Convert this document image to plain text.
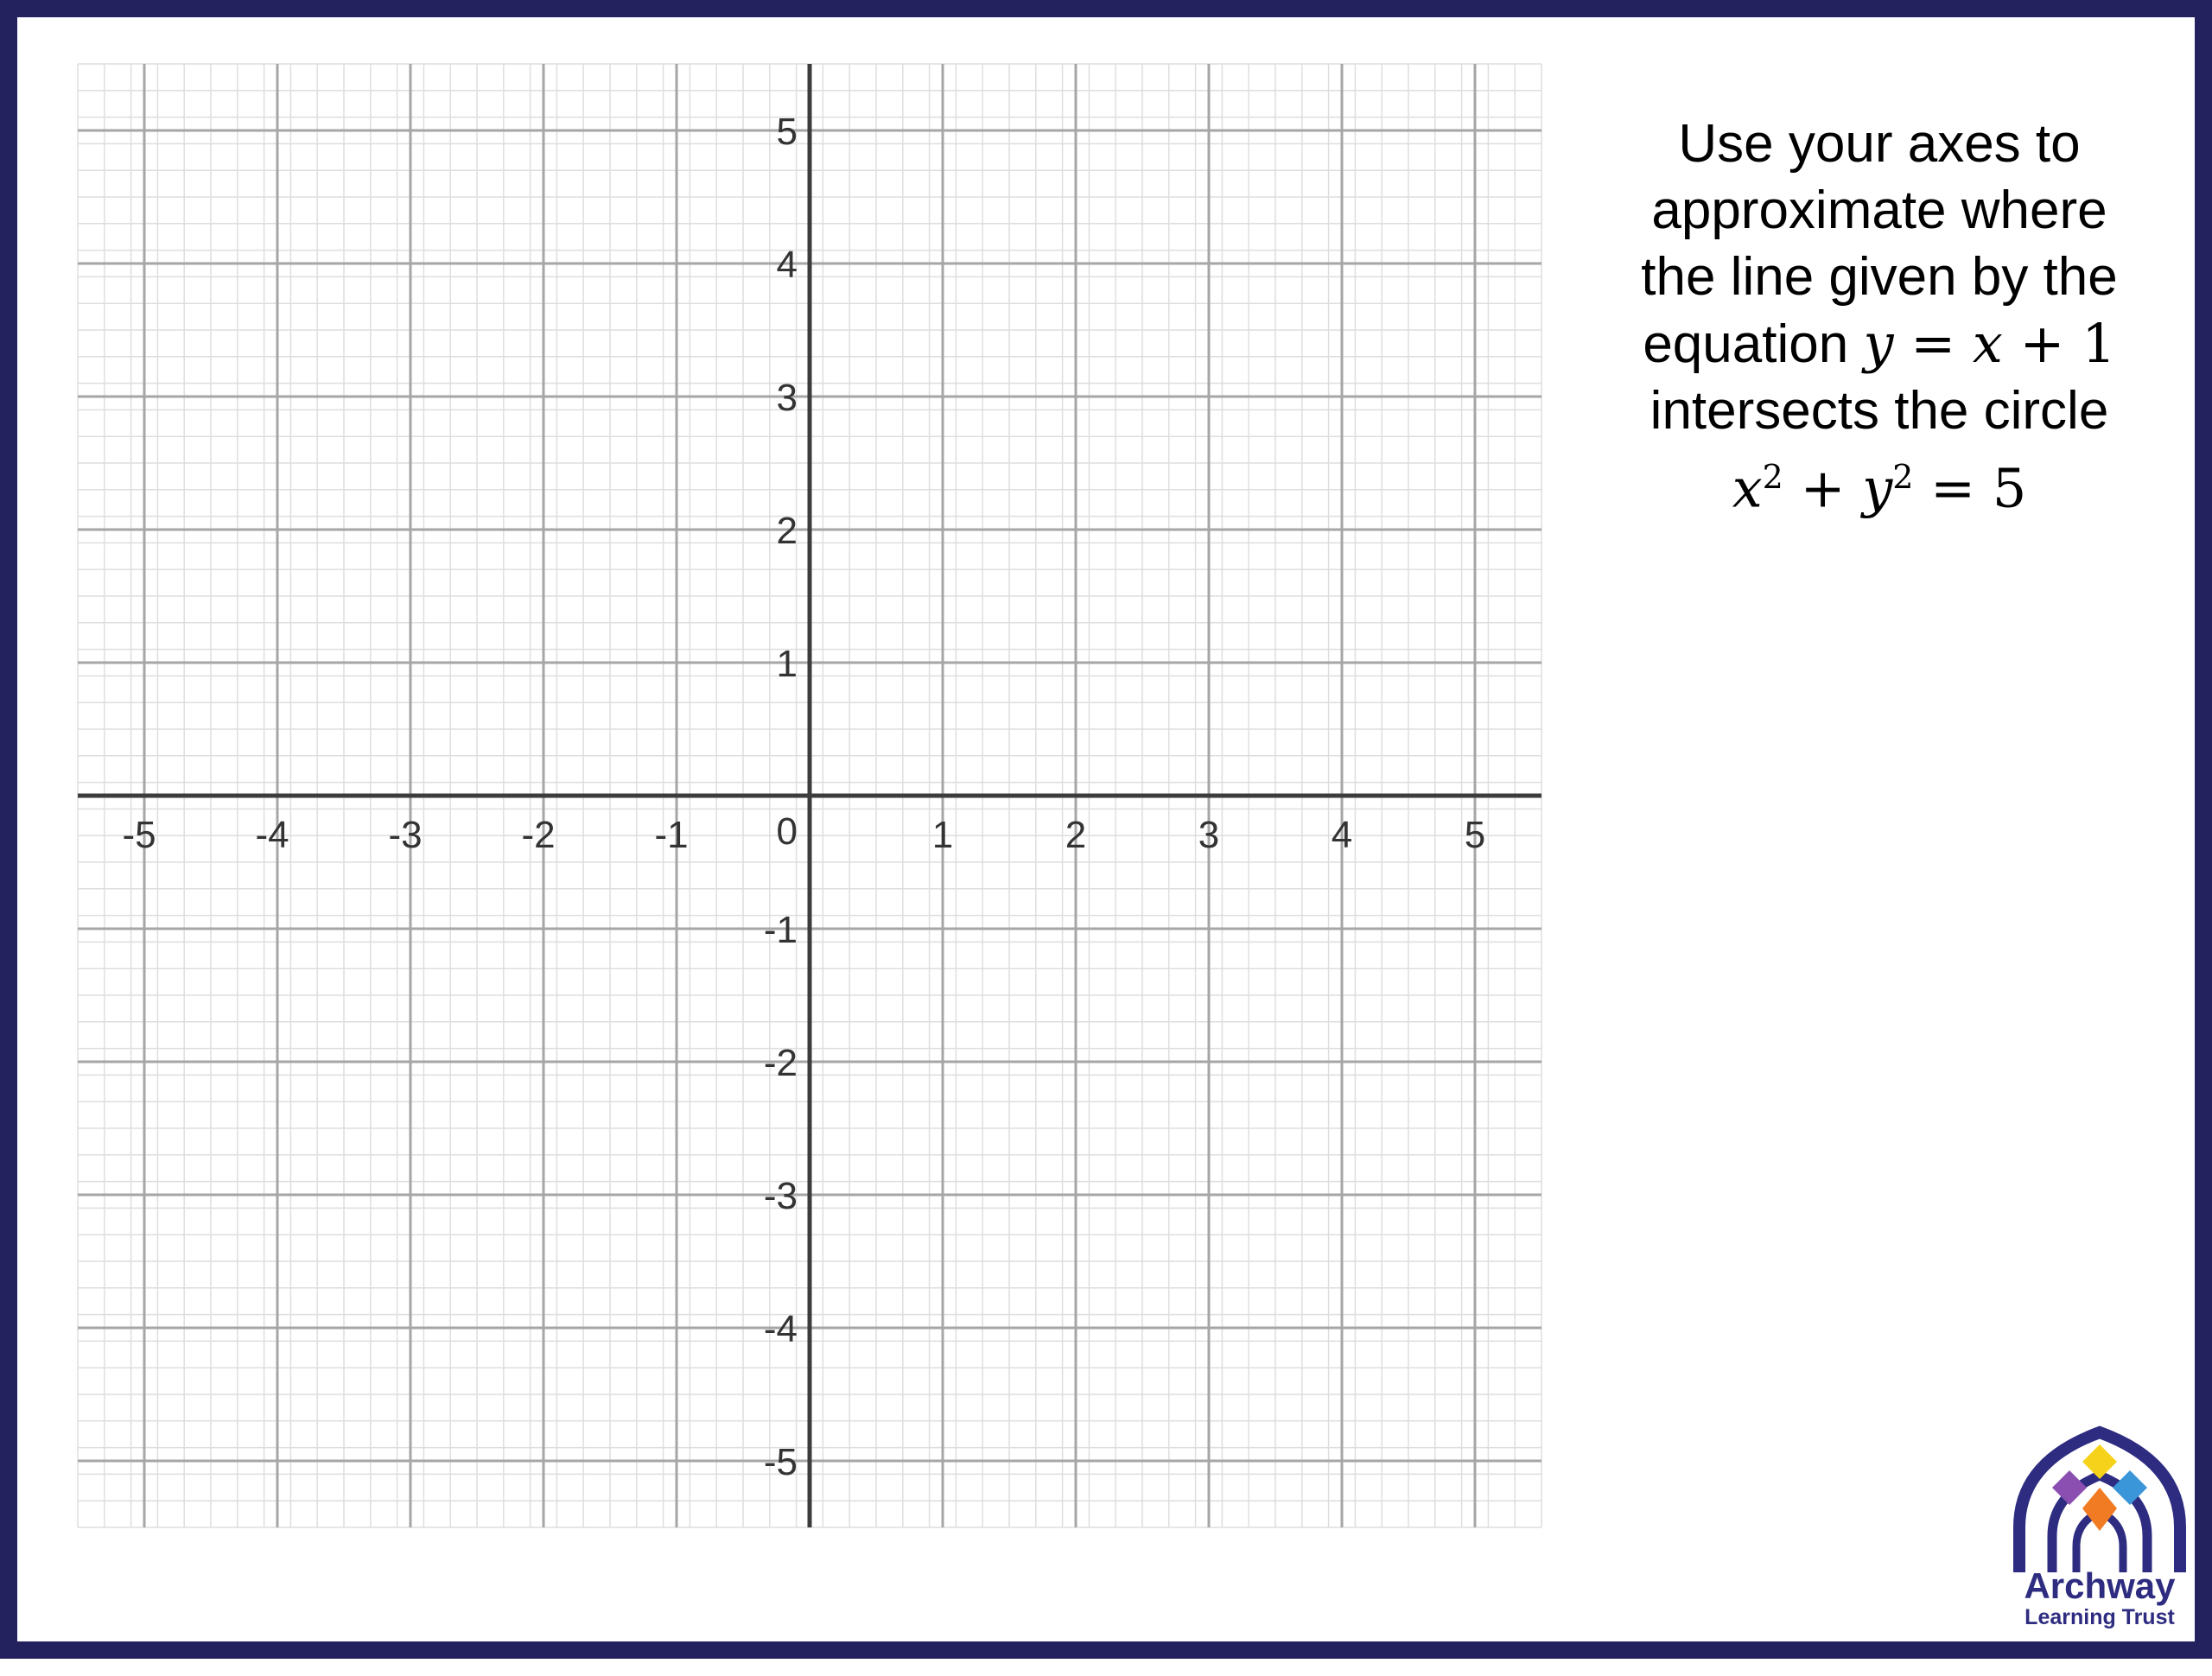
-5	-4	-3	-2	-1	1	2	3	4	5
5
4
3
2
1
-1
-2
-3
-4
-5
0
Use your axes to
approximate where
the line given by the
equation y = x + 1
intersects the circle
$x^2 + y^2 = 5$
Archway
Learning Trust
